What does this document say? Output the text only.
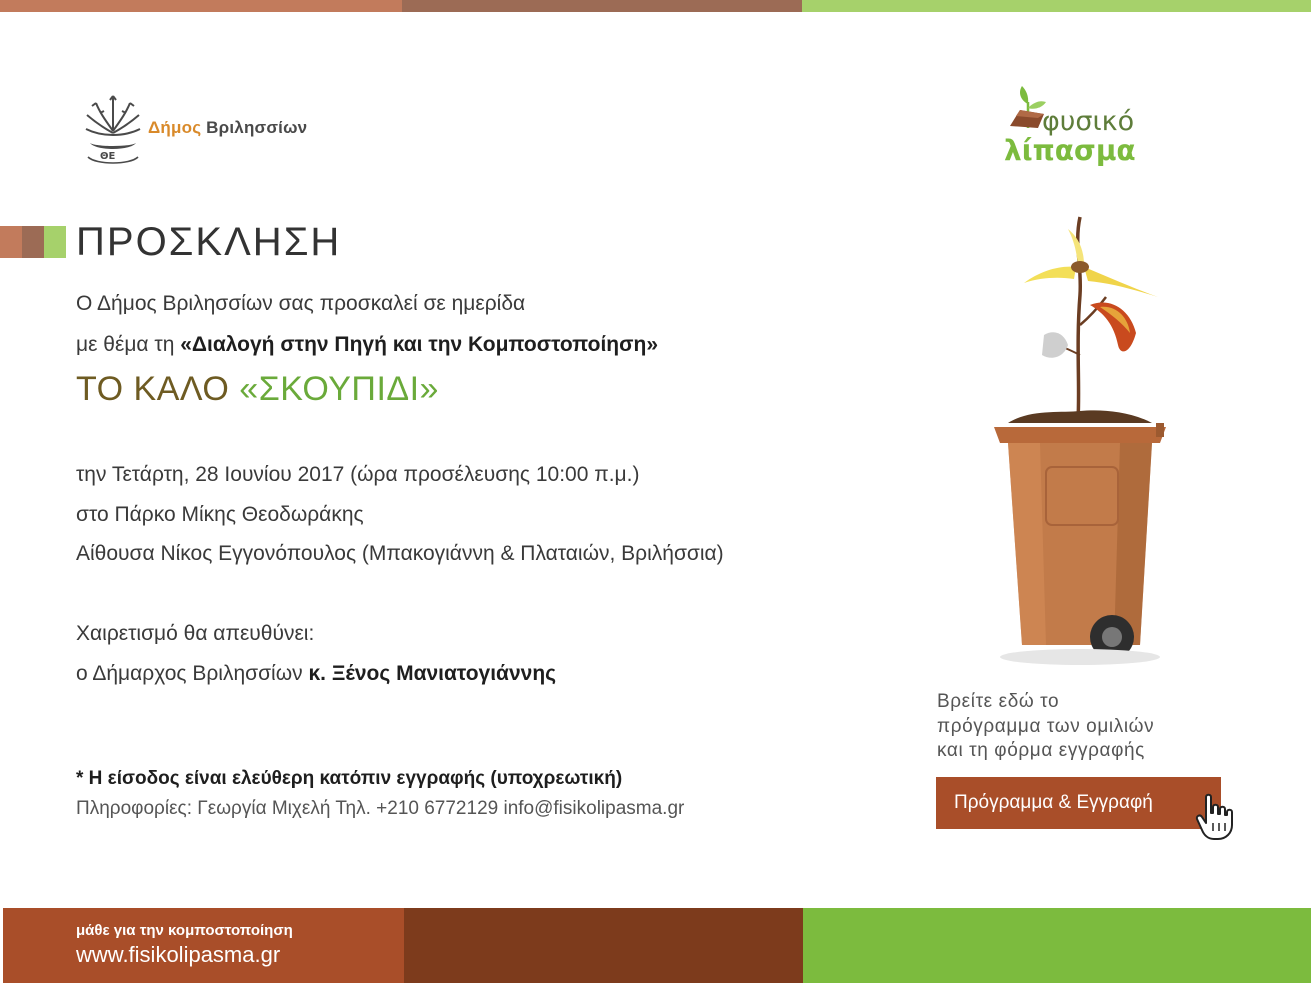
ΘΕ
Δήμος Βριλησσίων	φυσικό
λίπασμα
ΠΡΟΣΚΛΗΣΗ

Ο Δήμος Βριλησσίων σας προσκαλεί σε ημερίδα

με θέμα τη «Διαλογή στην Πηγή και την Κομποστοποίηση»

ΤΟ ΚΑΛΟ «ΣΚΟΥΠΙΔΙ»

την Τετάρτη, 28 Ιουνίου 2017 (ώρα προσέλευσης 10:00 π.μ.)

στο Πάρκο Μίκης Θεοδωράκης

Αίθουσα Νίκος Εγγονόπουλος (Μπακογιάννη & Πλαταιών, Βριλήσσια)

Χαιρετισμό θα απευθύνει:

ο Δήμαρχος Βριλησσίων κ. Ξένος Μανιατογιάννης

* Η είσοδος είναι ελεύθερη κατόπιν εγγραφής (υποχρεωτική)

Πληροφορίες: Γεωργία Μιχελή Τηλ. +210 6772129 info@fisikolipasma.gr

Βρείτε εδώ το
πρόγραμμα των ομιλιών
και τη φόρμα εγγραφής

Πρόγραμμα & Εγγραφή

μάθε για την κομποστοποίηση

www.fisikolipasma.gr
